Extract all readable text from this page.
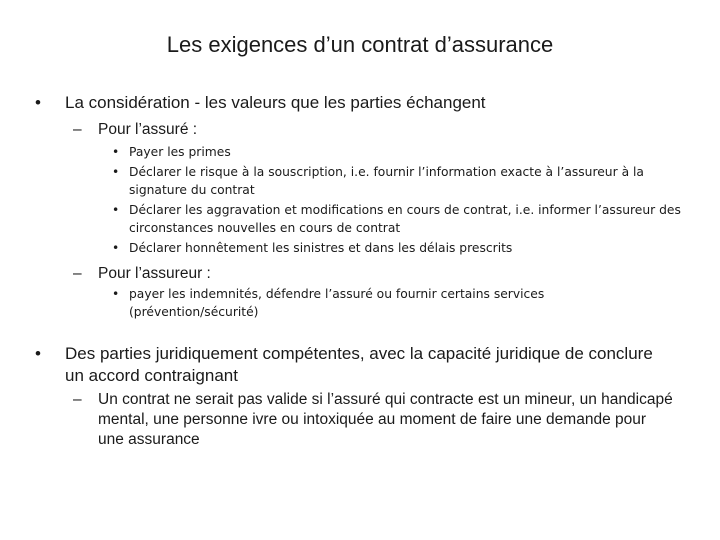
Les exigences d’un contrat d’assurance
• La considération - les valeurs que les parties échangent
– Pour l’assuré :
• Payer les primes
• Déclarer le risque à la souscription, i.e. fournir l’information exacte à l’assureur à la signature du contrat
• Déclarer les aggravation et modifications en cours de contrat, i.e. informer l’assureur des circonstances nouvelles en cours de contrat
• Déclarer honnêtement les sinistres et dans les délais prescrits
– Pour l’assureur :
• payer les indemnités, défendre l’assuré ou fournir certains services (prévention/sécurité)
• Des parties juridiquement compétentes, avec la capacité juridique de conclure un accord contraignant
– Un contrat ne serait pas valide si l’assuré qui contracte est un mineur, un handicapé mental, une personne ivre ou intoxiquée au moment de faire une demande pour une assurance
